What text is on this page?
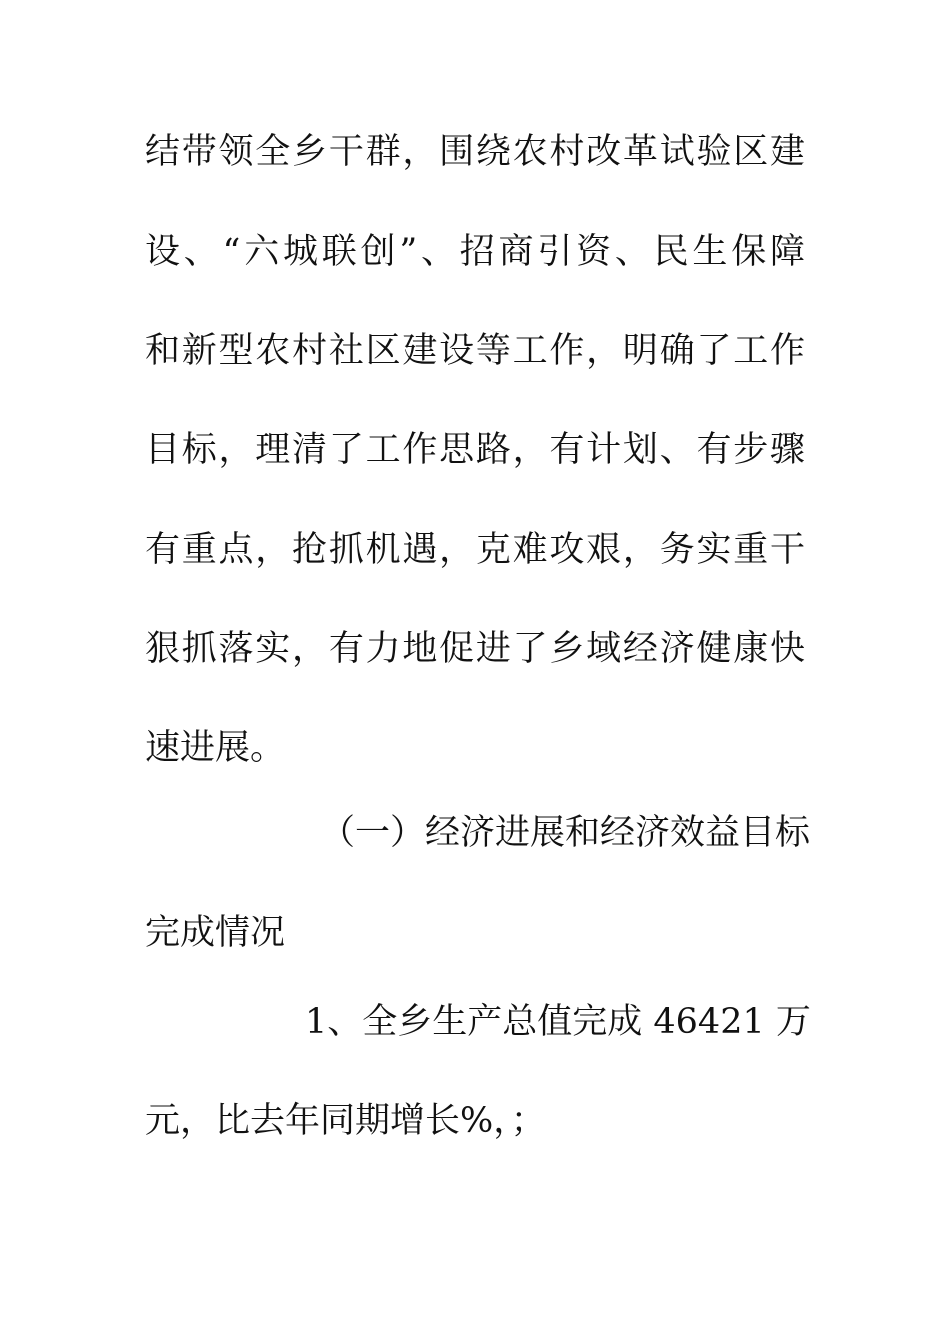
结带领全乡干群，围绕农村改革试验区建
设、“六城联创”、招商引资、民生保障
和新型农村社区建设等工作，明确了工作
目标，理清了工作思路，有计划、有步骤
有重点，抢抓机遇，克难攻艰，务实重干
狠抓落实，有力地促进了乡域经济健康快
速进展。
（一）经济进展和经济效益目标
完成情况
1、全乡生产总值完成 46421 万
元，比去年同期增长%，；
